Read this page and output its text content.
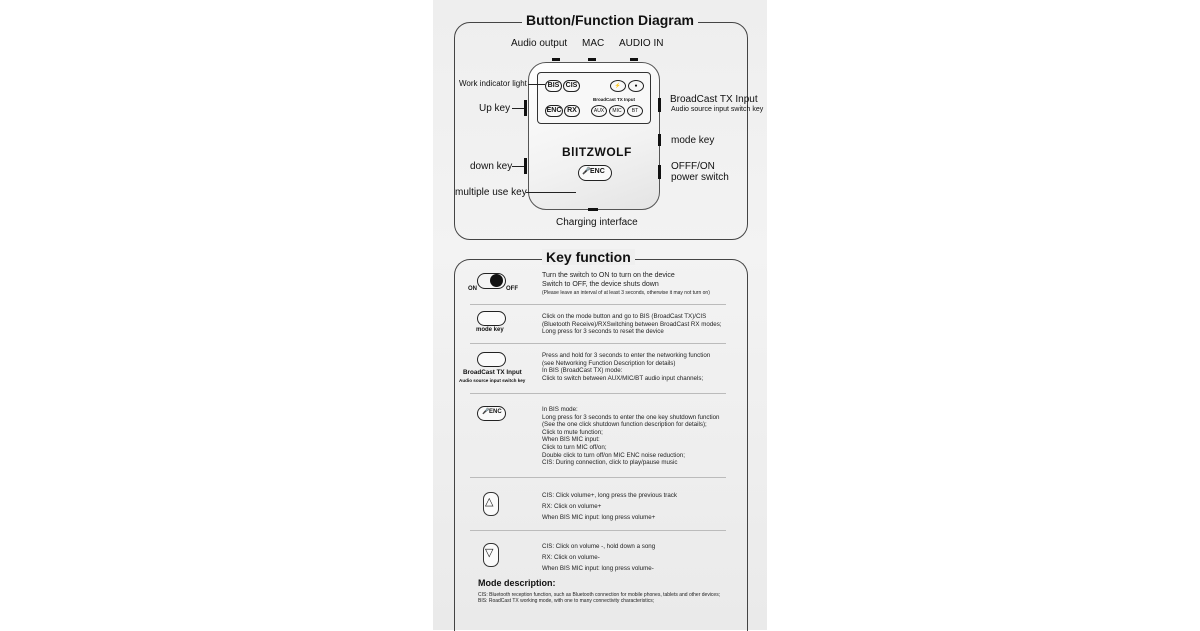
Button/Function Diagram
Audio output MAC AUDIO IN
BIS CIS	⚡	●
ENC RX
BroadCast TX Input
AUX	MIC	BT
BlITZWOLF
ENC
🎤
Work indicator light
Up key
down key
multiple use key
BroadCast TX Input
Audio source input switch key
mode key
OFFF/ON
power switch
Charging interface
Key function
ON	OFF
Turn the switch to ON to turn on the device
Switch to OFF, the device shuts down
(Please leave an interval of at least 3 seconds, otherwise it may not turn on)
mode key
Click on the mode button and go to BIS (BroadCast TX)/CIS
(Bluetooth Receive)/RXSwitching between BroadCast RX modes;
Long press for 3 seconds to reset the device
BroadCast TX Input
Audio source input switch key
Press and hold for 3 seconds to enter the networking function
(see Networking Function Description for details)
In BIS (BroadCast TX) mode:
Click to switch between AUX/MIC/BT audio input channels;
🎤 ENC	In BIS mode:
Long press for 3 seconds to enter the one key shutdown function
(See the one click shutdown function description for details);
Click to mute function;
When BIS MIC input:
Click to turn MIC off/on;
Double click to turn off/on MIC ENC noise reduction;
CIS: During connection, click to play/pause music
△
CIS: Click volume+, long press the previous track
RX: Click on volume+
When BIS MIC input: long press volume+
▽
CIS: Click on volume -, hold down a song
RX: Click on volume-
When BIS MIC input: long press volume-
Mode description:
CIS: Bluetooth reception function, such as Bluetooth connection for mobile phones, tablets and other devices;
BIS: RoadCast TX working mode, with one to many connectivity characteristics;
